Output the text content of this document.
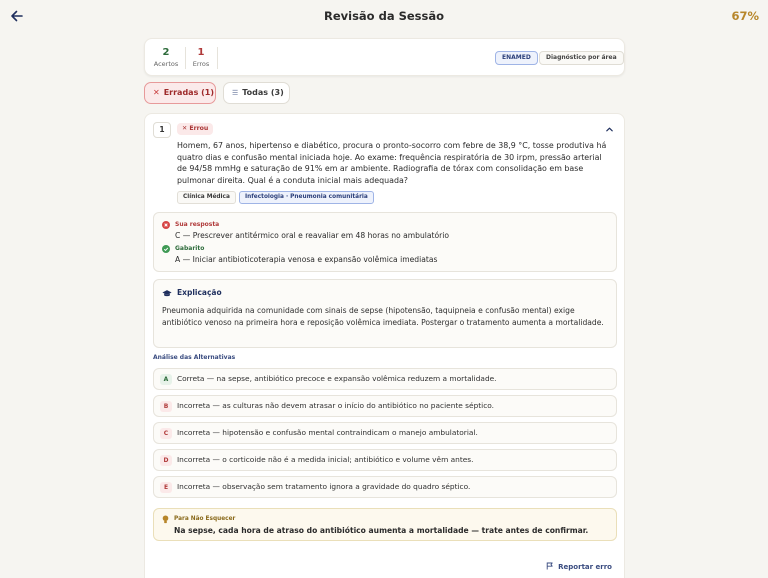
Revisão da Sessão	67%
2
Acertos
1
Erros
ENAMED	Diagnóstico por área
✕ Erradas (1)	☰ Todas (3)
1	✕ Errou
Homem, 67 anos, hipertenso e diabético, procura o pronto-socorro com febre de 38,9 °C, tosse produtiva há quatro dias e confusão mental iniciada hoje. Ao exame: frequência respiratória de 30 irpm, pressão arterial de 94/58 mmHg e saturação de 91% em ar ambiente. Radiografia de tórax com consolidação em base pulmonar direita. Qual é a conduta inicial mais adequada?
Clínica Médica	Infectologia · Pneumonia comunitária
Sua resposta
C — Prescrever antitérmico oral e reavaliar em 48 horas no ambulatório
Gabarito
A — Iniciar antibioticoterapia venosa e expansão volêmica imediatas
Explicação
Pneumonia adquirida na comunidade com sinais de sepse (hipotensão, taquipneia e confusão mental) exige antibiótico venoso na primeira hora e reposição volêmica imediata. Postergar o tratamento aumenta a mortalidade.
Análise das Alternativas
A	Correta — na sepse, antibiótico precoce e expansão volêmica reduzem a mortalidade.
B	Incorreta — as culturas não devem atrasar o início do antibiótico no paciente séptico.
C	Incorreta — hipotensão e confusão mental contraindicam o manejo ambulatorial.
D	Incorreta — o corticoide não é a medida inicial; antibiótico e volume vêm antes.
E	Incorreta — observação sem tratamento ignora a gravidade do quadro séptico.
Para Não Esquecer
Na sepse, cada hora de atraso do antibiótico aumenta a mortalidade — trate antes de confirmar.
Reportar erro
